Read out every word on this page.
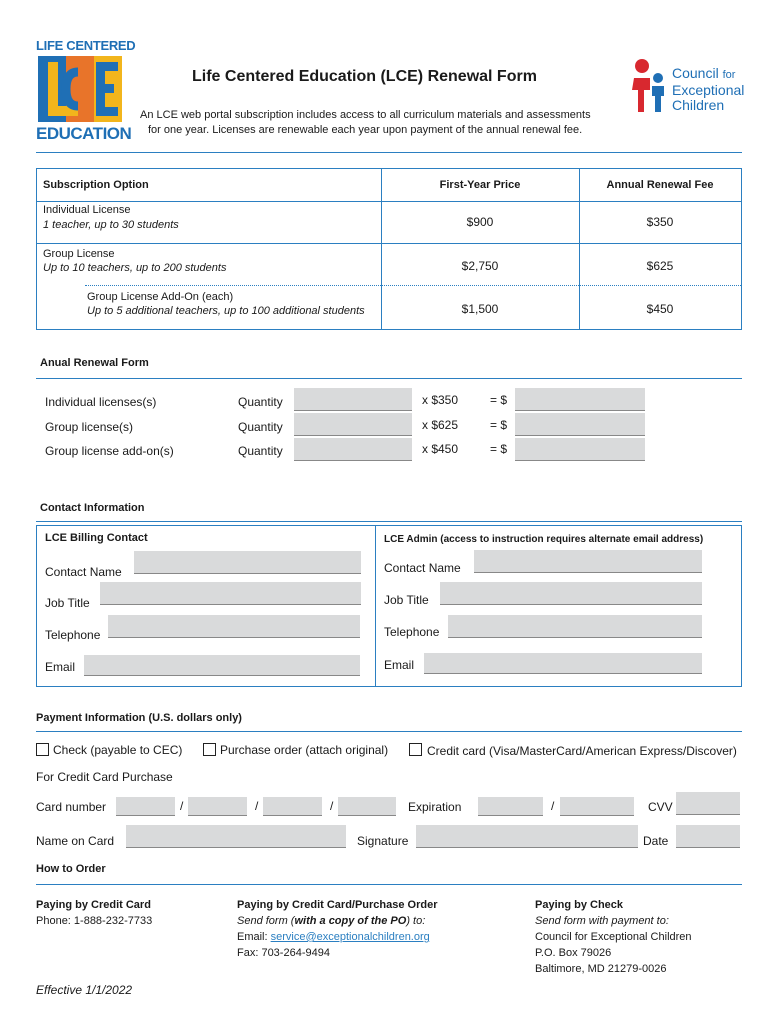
LIFE CENTERED
EDUCATION
Life Centered Education (LCE) Renewal Form
An LCE web portal subscription includes access to all curriculum materials and assessments
for one year. Licenses are renewable each year upon payment of the annual renewal fee.
Council for
Exceptional
Children
Subscription Option	First-Year Price	Annual Renewal Fee
Individual License
1 teacher, up to 30 students	$900	$350
Group License
Up to 10 teachers, up to 200 students	$2,750	$625
Group License Add-On (each)
Up to 5 additional teachers, up to 100 additional students	$1,500	$450
Anual Renewal Form
Individual licenses(s)	Quantity	x $350	= $
Group license(s)	Quantity	x $625	= $
Group license add-on(s)	Quantity	x $450	= $
Contact Information
LCE Billing Contact	LCE Admin (access to instruction requires alternate email address)
Contact Name
Job Title
Telephone
Email
Contact Name
Job Title
Telephone
Email
Payment Information (U.S. dollars only)
Check (payable to CEC)	Purchase order (attach original)	Credit card (Visa/MasterCard/American Express/Discover)
For Credit Card Purchase
Card number	/	/	/	Expiration	/	CVV
Name on Card	Signature	Date
How to Order
Paying by Credit Card
Phone: 1-888-232-7733
Paying by Credit Card/Purchase Order
Send form (with a copy of the PO) to:
Email: service@exceptionalchildren.org
Fax: 703-264-9494
Paying by Check
Send form with payment to:
Council for Exceptional Children
P.O. Box 79026
Baltimore, MD 21279-0026
Effective 1/1/2022
